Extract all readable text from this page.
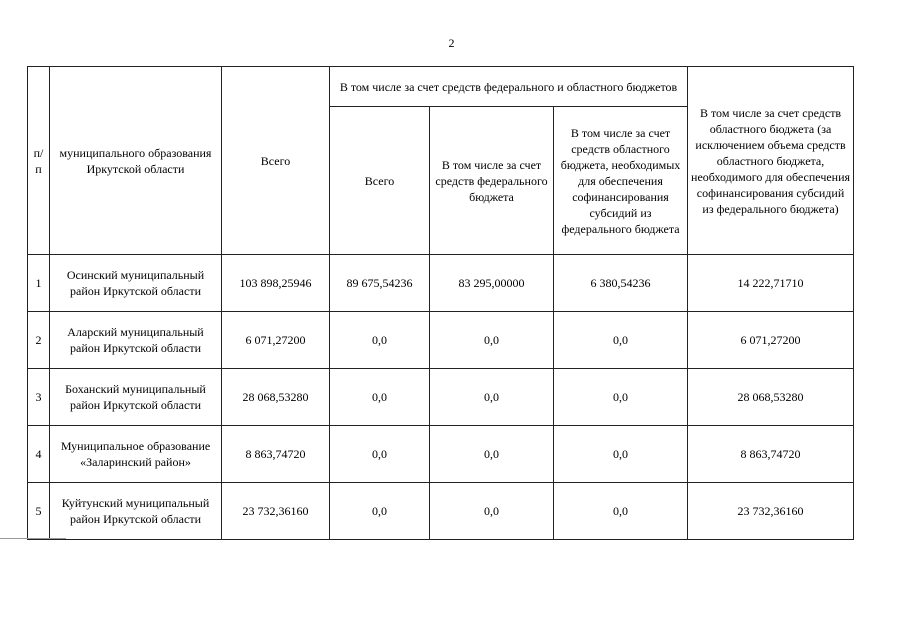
2
п/ п	муниципального образования Иркутской области	Всего	В том числе за счет средств федерального и областного бюджетов			В том числе за счет средств областного бюджета (за исключением объема средств областного бюджета, необходимого для обеспечения софинансирования субсидий из федерального бюджета)
			Всего	В том числе за счет средств федерального бюджета	В том числе за счет средств областного бюджета, необходимых для обеспечения софинансирования субсидий из федерального бюджета	
1	Осинский муниципальный район Иркутской области	103 898,25946	89 675,54236	83 295,00000	6 380,54236	14 222,71710
2	Аларский муниципальный район Иркутской области	6 071,27200	0,0	0,0	0,0	6 071,27200
3	Боханский муниципальный район Иркутской области	28 068,53280	0,0	0,0	0,0	28 068,53280
4	Муниципальное образование «Заларинский район»	8 863,74720	0,0	0,0	0,0	8 863,74720
5	Куйтунский муниципальный район Иркутской области	23 732,36160	0,0	0,0	0,0	23 732,36160
